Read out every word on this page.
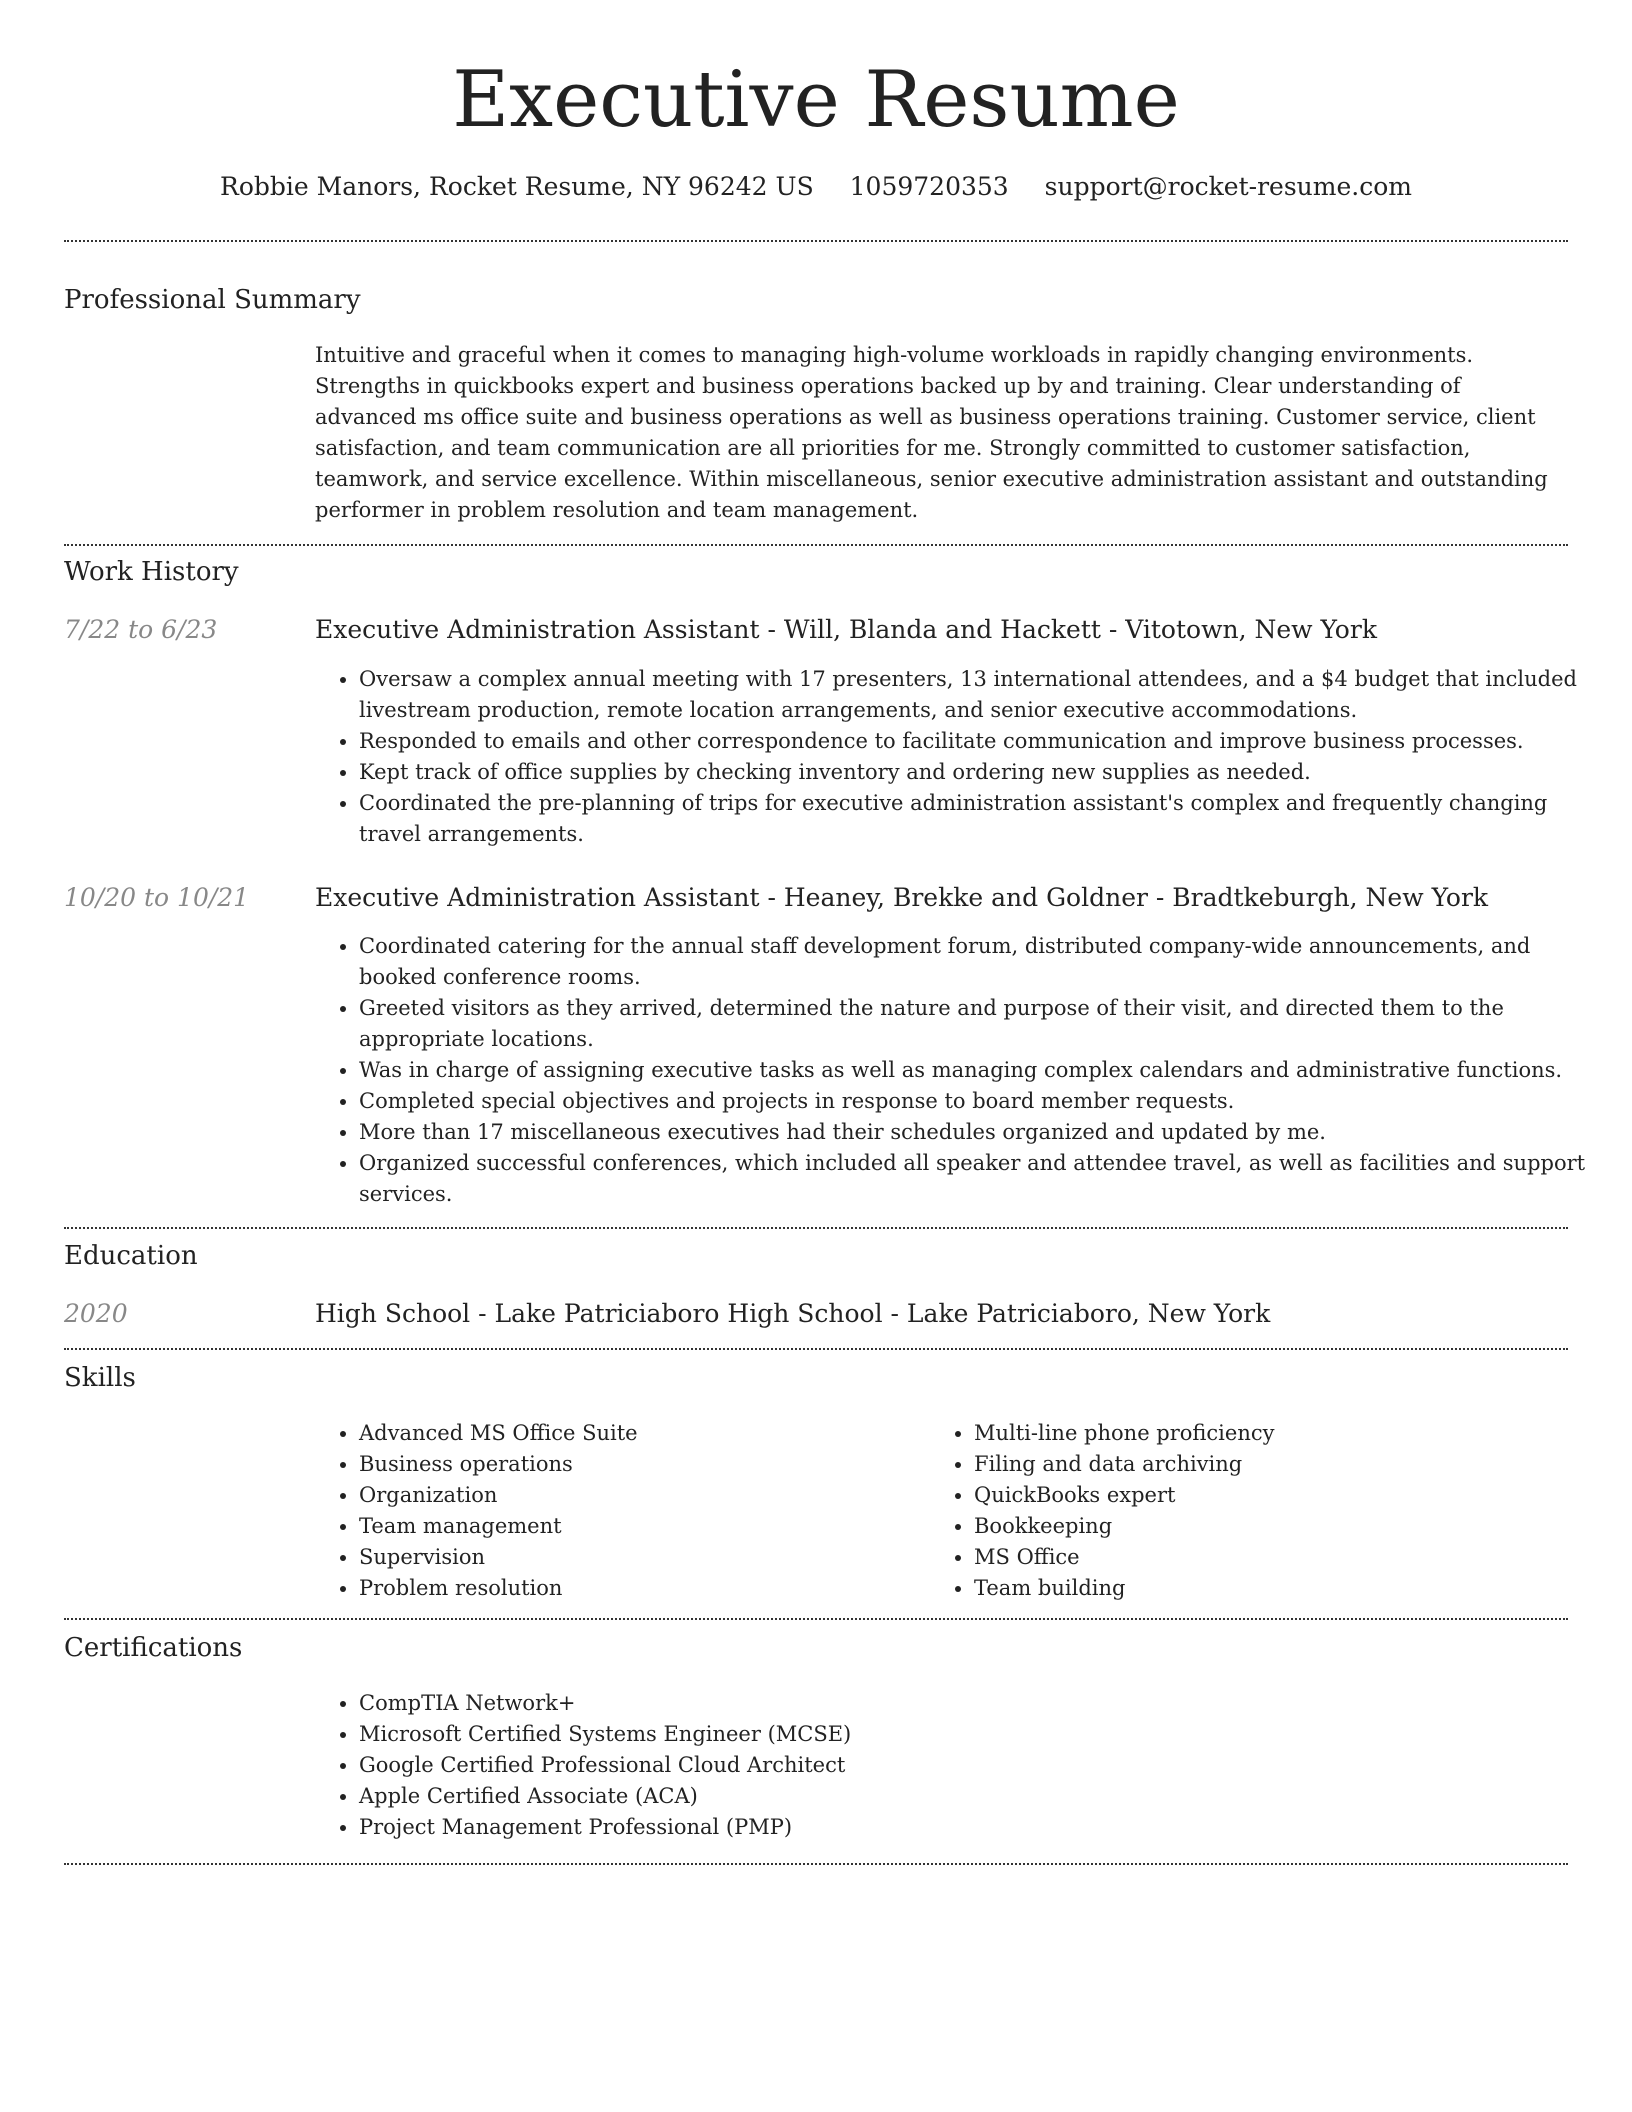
Executive Resume
Robbie Manors, Rocket Resume, NY 96242 US 1059720353 support@rocket-resume.com
Professional Summary
Intuitive and graceful when it comes to managing high-volume workloads in rapidly changing environments. Strengths in quickbooks expert and business operations backed up by and training. Clear understanding of advanced ms office suite and business operations as well as business operations training. Customer service, client satisfaction, and team communication are all priorities for me. Strongly committed to customer satisfaction, teamwork, and service excellence. Within miscellaneous, senior executive administration assistant and outstanding performer in problem resolution and team management.
Work History
7/22 to 6/23	Executive Administration Assistant - Will, Blanda and Hackett - Vitotown, New York
• Oversaw a complex annual meeting with 17 presenters, 13 international attendees, and a $4 budget that included livestream production, remote location arrangements, and senior executive accommodations.
• Responded to emails and other correspondence to facilitate communication and improve business processes.
• Kept track of office supplies by checking inventory and ordering new supplies as needed.
• Coordinated the pre-planning of trips for executive administration assistant's complex and frequently changing travel arrangements.
10/20 to 10/21	Executive Administration Assistant - Heaney, Brekke and Goldner - Bradtkeburgh, New York
• Coordinated catering for the annual staff development forum, distributed company-wide announcements, and booked conference rooms.
• Greeted visitors as they arrived, determined the nature and purpose of their visit, and directed them to the appropriate locations.
• Was in charge of assigning executive tasks as well as managing complex calendars and administrative functions.
• Completed special objectives and projects in response to board member requests.
• More than 17 miscellaneous executives had their schedules organized and updated by me.
• Organized successful conferences, which included all speaker and attendee travel, as well as facilities and support services.
Education
2020	High School - Lake Patriciaboro High School - Lake Patriciaboro, New York
Skills
• Advanced MS Office Suite
• Business operations
• Organization
• Team management
• Supervision
• Problem resolution
• Multi-line phone proficiency
• Filing and data archiving
• QuickBooks expert
• Bookkeeping
• MS Office
• Team building
Certifications
• CompTIA Network+
• Microsoft Certified Systems Engineer (MCSE)
• Google Certified Professional Cloud Architect
• Apple Certified Associate (ACA)
• Project Management Professional (PMP)
